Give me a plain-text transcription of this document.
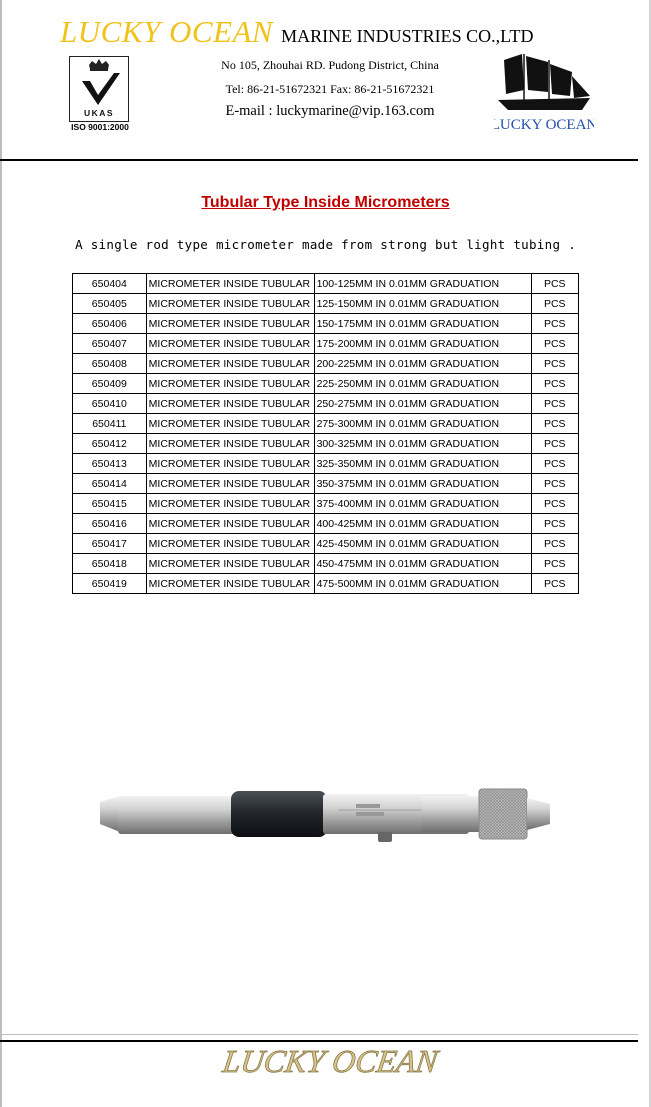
LUCKY OCEAN MARINE INDUSTRIES CO.,LTD
UKAS
ISO 9001:2000
No 105, Zhouhai RD. Pudong District, China
Tel: 86-21-51672321 Fax: 86-21-51672321
E-mail : luckymarine@vip.163.com
LUCKY OCEAN
Tubular Type Inside Micrometers

A single rod type micrometer made from strong but light tubing .

650404	MICROMETER INSIDE TUBULAR	100-125MM IN 0.01MM GRADUATION	PCS
650405	MICROMETER INSIDE TUBULAR	125-150MM IN 0.01MM GRADUATION	PCS
650406	MICROMETER INSIDE TUBULAR	150-175MM IN 0.01MM GRADUATION	PCS
650407	MICROMETER INSIDE TUBULAR	175-200MM IN 0.01MM GRADUATION	PCS
650408	MICROMETER INSIDE TUBULAR	200-225MM IN 0.01MM GRADUATION	PCS
650409	MICROMETER INSIDE TUBULAR	225-250MM IN 0.01MM GRADUATION	PCS
650410	MICROMETER INSIDE TUBULAR	250-275MM IN 0.01MM GRADUATION	PCS
650411	MICROMETER INSIDE TUBULAR	275-300MM IN 0.01MM GRADUATION	PCS
650412	MICROMETER INSIDE TUBULAR	300-325MM IN 0.01MM GRADUATION	PCS
650413	MICROMETER INSIDE TUBULAR	325-350MM IN 0.01MM GRADUATION	PCS
650414	MICROMETER INSIDE TUBULAR	350-375MM IN 0.01MM GRADUATION	PCS
650415	MICROMETER INSIDE TUBULAR	375-400MM IN 0.01MM GRADUATION	PCS
650416	MICROMETER INSIDE TUBULAR	400-425MM IN 0.01MM GRADUATION	PCS
650417	MICROMETER INSIDE TUBULAR	425-450MM IN 0.01MM GRADUATION	PCS
650418	MICROMETER INSIDE TUBULAR	450-475MM IN 0.01MM GRADUATION	PCS
650419	MICROMETER INSIDE TUBULAR	475-500MM IN 0.01MM GRADUATION	PCS
LUCKY OCEAN
